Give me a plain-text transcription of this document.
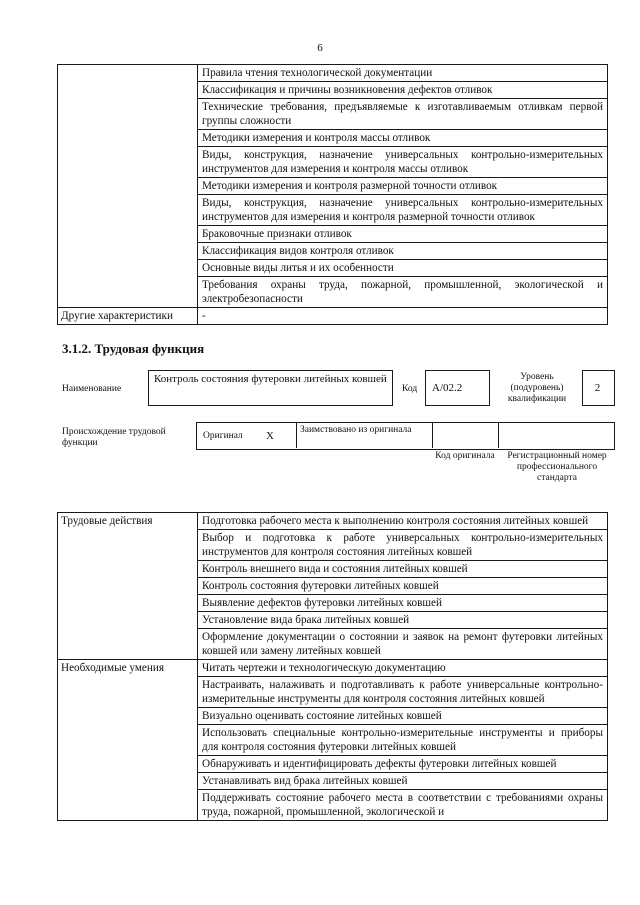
6
	Правила чтения технологической документации
	Классификация и причины возникновения дефектов отливок
	Технические требования, предъявляемые к изготавливаемым отливкам первой группы сложности
	Методики измерения и контроля массы отливок
	Виды, конструкция, назначение универсальных контрольно-измерительных инструментов для измерения и контроля массы отливок
	Методики измерения и контроля размерной точности отливок
	Виды, конструкция, назначение универсальных контрольно-измерительных инструментов для измерения и контроля размерной точности отливок
	Браковочные признаки отливок
	Классификация видов контроля отливок
	Основные виды литья и их особенности
	Требования охраны труда, пожарной, промышленной, экологической и электробезопасности
Другие характеристики	-
3.1.2. Трудовая функция
Наименование
Контроль состояния футеровки литейных ковшей
Код A/02.2
Уровень (подуровень) квалификации
2
Происхождение трудовой функции
Оригинал X	Заимствовано из оригинала
Код оригинала	Регистрационный номер профессионального стандарта
Трудовые действия	Подготовка рабочего места к выполнению контроля состояния литейных ковшей
	Выбор и подготовка к работе универсальных контрольно-измерительных инструментов для контроля состояния литейных ковшей
	Контроль внешнего вида и состояния литейных ковшей
	Контроль состояния футеровки литейных ковшей
	Выявление дефектов футеровки литейных ковшей
	Установление вида брака литейных ковшей
	Оформление документации о состоянии и заявок на ремонт футеровки литейных ковшей или замену литейных ковшей
Необходимые умения	Читать чертежи и технологическую документацию
	Настраивать, налаживать и подготавливать к работе универсальные контрольно-измерительные инструменты для контроля состояния литейных ковшей
	Визуально оценивать состояние литейных ковшей
	Использовать специальные контрольно-измерительные инструменты и приборы для контроля состояния футеровки литейных ковшей
	Обнаруживать и идентифицировать дефекты футеровки литейных ковшей
	Устанавливать вид брака литейных ковшей
	Поддерживать состояние рабочего места в соответствии с требованиями охраны труда, пожарной, промышленной, экологической и
